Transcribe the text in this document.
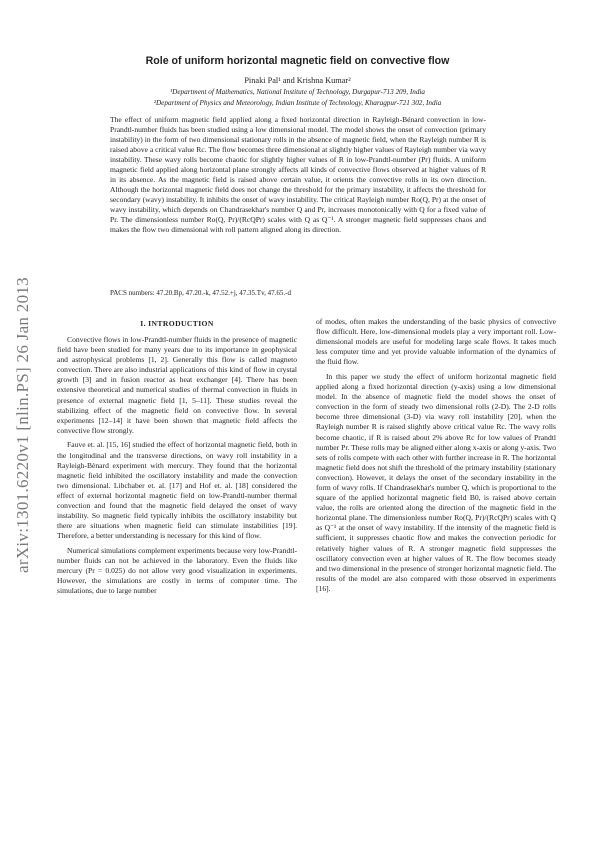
arXiv:1301.6220v1 [nlin.PS] 26 Jan 2013
Role of uniform horizontal magnetic field on convective flow
Pinaki Pal¹ and Krishna Kumar²
¹Department of Mathematics, National Institute of Technology, Durgapur-713 209, India
²Department of Physics and Meteorology, Indian Institute of Technology, Kharagpur-721 302, India
The effect of uniform magnetic field applied along a fixed horizontal direction in Rayleigh-Bénard convection in low-Prandtl-number fluids has been studied using a low dimensional model. The model shows the onset of convection (primary instability) in the form of two dimensional stationary rolls in the absence of magnetic field, when the Rayleigh number R is raised above a critical value Rc. The flow becomes three dimensional at slightly higher values of Rayleigh number via wavy instability. These wavy rolls become chaotic for slightly higher values of R in low-Prandtl-number (Pr) fluids. A uniform magnetic field applied along horizontal plane strongly affects all kinds of convective flows observed at higher values of R in its absence. As the magnetic field is raised above certain value, it orients the convective rolls in its own direction. Although the horizontal magnetic field does not change the threshold for the primary instability, it affects the threshold for secondary (wavy) instability. It inhibits the onset of wavy instability. The critical Rayleigh number Ro(Q, Pr) at the onset of wavy instability, which depends on Chandrasekhar's number Q and Pr, increases monotonically with Q for a fixed value of Pr. The dimensionless number Ro(Q, Pr)/(RcQPr) scales with Q as Q⁻¹. A stronger magnetic field suppresses chaos and makes the flow two dimensional with roll pattern aligned along its direction.
PACS numbers: 47.20.Bp, 47.20.-k, 47.52.+j, 47.35.Tv, 47.65.-d
I. INTRODUCTION

Convective flows in low-Prandtl-number fluids in the presence of magnetic field have been studied for many years due to its importance in geophysical and astrophysical problems [1, 2]. Generally this flow is called magneto convection. There are also industrial applications of this kind of flow in crystal growth [3] and in fusion reactor as heat exchanger [4]. There has been extensive theoretical and numerical studies of thermal convection in fluids in presence of external magnetic field [1, 5–11]. These studies reveal the stabilizing effect of the magnetic field on convective flow. In several experiments [12–14] it have been shown that magnetic field affects the convective flow strongly.

Fauve et. al. [15, 16] studied the effect of horizontal magnetic field, both in the longitudinal and the transverse directions, on wavy roll instability in a Rayleigh-Bènard experiment with mercury. They found that the horizontal magnetic field inhibited the oscillatory instability and made the convection two dimensional. Libchaber et. al. [17] and Hof et. al. [18] considered the effect of external horizontal magnetic field on low-Prandtl-number thermal convection and found that the magnetic field delayed the onset of wavy instability. So magnetic field typically inhibits the oscillatory instability but there are situations when magnetic field can stimulate instabilities [19]. Therefore, a better understanding is necessary for this kind of flow.

Numerical simulations complement experiments because very low-Prandtl-number fluids can not be achieved in the laboratory. Even the fluids like mercury (Pr = 0.025) do not allow very good visualization in experiments. However, the simulations are costly in terms of computer time. The simulations, due to large number

of modes, often makes the understanding of the basic physics of convective flow difficult. Here, low-dimensional models play a very important roll. Low-dimensional models are useful for modeling large scale flows. It takes much less computer time and yet provide valuable information of the dynamics of the fluid flow.

In this paper we study the effect of uniform horizontal magnetic field applied along a fixed horizontal direction (y-axis) using a low dimensional model. In the absence of magnetic field the model shows the onset of convection in the form of steady two dimensional rolls (2-D). The 2-D rolls become three dimensional (3-D) via wavy roll instability [20], when the Rayleigh number R is raised slightly above critical value Rc. The wavy rolls become chaotic, if R is raised about 2% above Rc for low values of Prandtl number Pr. These rolls may be aligned either along x-axis or along y-axis. Two sets of rolls compete with each other with further increase in R. The horizontal magnetic field does not shift the threshold of the primary instability (stationary convection). However, it delays the onset of the secondary instability in the form of wavy rolls. If Chandrasekhar's number Q, which is proportional to the square of the applied horizontal magnetic field B0, is raised above certain value, the rolls are oriented along the direction of the magnetic field in the horizontal plane. The dimensionless number Ro(Q, Pr)/(RcQPr) scales with Q as Q⁻¹ at the onset of wavy instability. If the intensity of the magnetic field is sufficient, it suppresses chaotic flow and makes the convection periodic for relatively higher values of R. A stronger magnetic field suppresses the oscillatory convection even at higher values of R. The flow becomes steady and two dimensional in the presence of stronger horizontal magnetic field. The results of the model are also compared with those observed in experiments [16].
